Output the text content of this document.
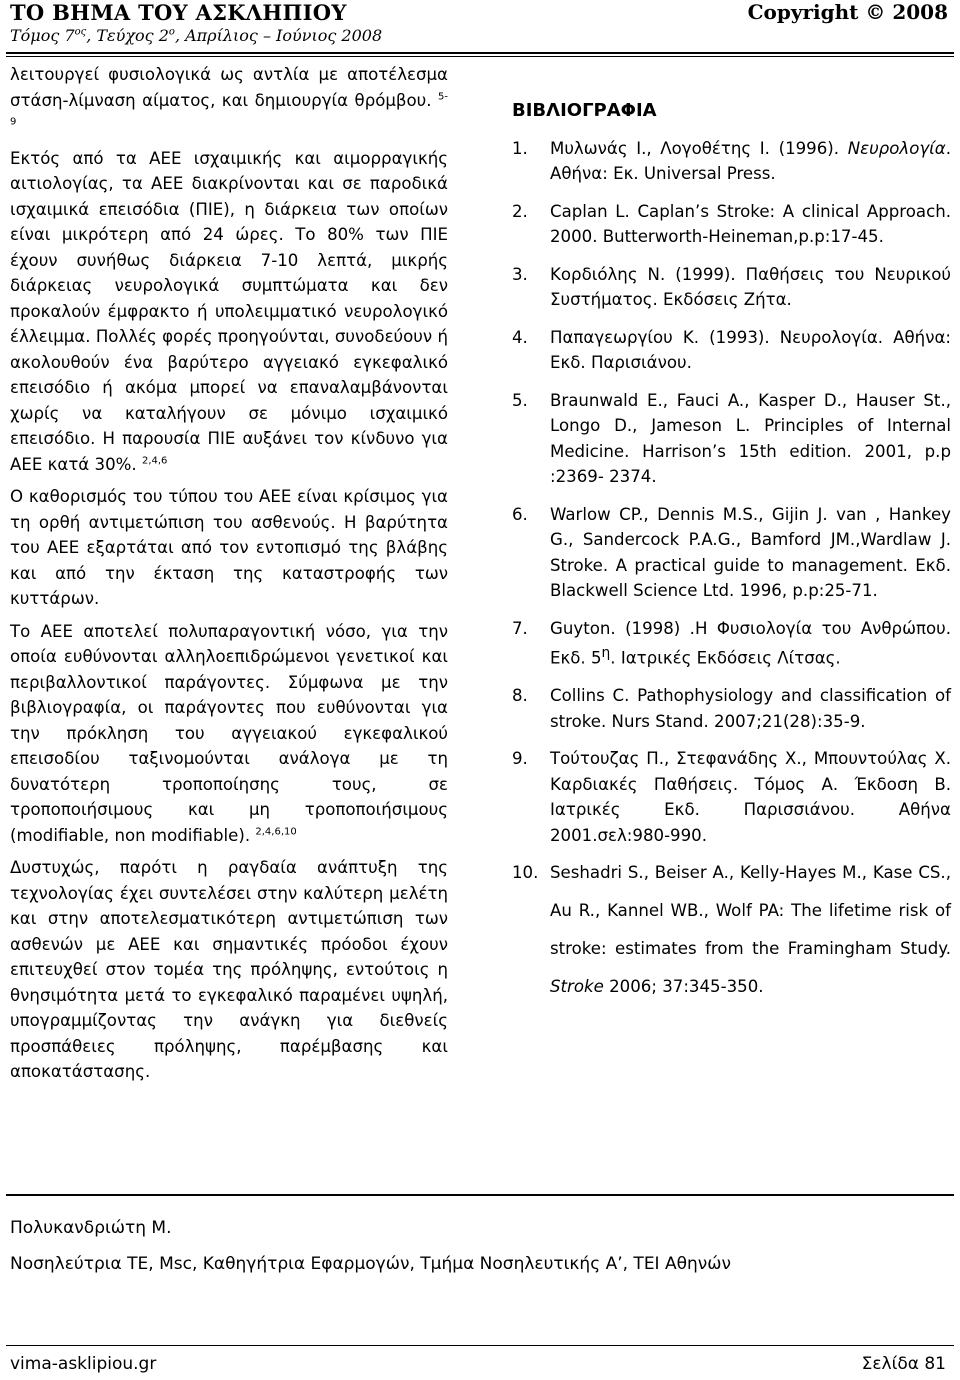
ΤΟ ΒΗΜΑ ΤΟΥ ΑΣΚΛΗΠΙΟΥ	Copyright © 2008
Τόμος $7^{o\varsigma}$, Τεύχος $2^o$, Απρίλιος – Ιούνιος 2008

λειτουργεί φυσιολογικά ως αντλία με αποτέλεσμα στάση-λίμναση αίματος, και δημιουργία θρόμβου. $^{5-9}$

Εκτός από τα ΑΕΕ ισχαιμικής και αιμορραγικής αιτιολογίας, τα ΑΕΕ διακρίνονται και σε παροδικά ισχαιμικά επεισόδια (ΠΙΕ), η διάρκεια των οποίων είναι μικρότερη από 24 ώρες. Το 80% των ΠΙΕ έχουν συνήθως διάρκεια 7-10 λεπτά, μικρής διάρκειας νευρολογικά συμπτώματα και δεν προκαλούν έμφρακτο ή υπολειμματικό νευρολογικό έλλειμμα. Πολλές φορές προηγούνται, συνοδεύουν ή ακολουθούν ένα βαρύτερο αγγειακό εγκεφαλικό επεισόδιο ή ακόμα μπορεί να επαναλαμβάνονται χωρίς να καταλήγουν σε μόνιμο ισχαιμικό επεισόδιο. Η παρουσία ΠΙΕ αυξάνει τον κίνδυνο για ΑΕΕ κατά 30%. $^{2,4,6}$

Ο καθορισμός του τύπου του ΑΕΕ είναι κρίσιμος για τη ορθή αντιμετώπιση του ασθενούς. Η βαρύτητα του ΑΕΕ εξαρτάται από τον εντοπισμό της βλάβης και από την έκταση της καταστροφής των κυττάρων.

Το ΑΕΕ αποτελεί πολυπαραγοντική νόσο, για την οποία ευθύνονται αλληλοεπιδρώμενοι γενετικοί και περιβαλλοντικοί παράγοντες. Σύμφωνα με την βιβλιογραφία, οι παράγοντες που ευθύνονται για την πρόκληση του αγγειακού εγκεφαλικού επεισοδίου ταξινομούνται ανάλογα με τη δυνατότερη τροποποίησης τους, σε τροποποιήσιμους και μη τροποποιήσιμους (modifiable, non modifiable). $^{2,4,6,10}$

Δυστυχώς, παρότι η ραγδαία ανάπτυξη της τεχνολογίας έχει συντελέσει στην καλύτερη μελέτη και στην αποτελεσματικότερη αντιμετώπιση των ασθενών με ΑΕΕ και σημαντικές πρόοδοι έχουν επιτευχθεί στον τομέα της πρόληψης, εντούτοις η θνησιμότητα μετά το εγκεφαλικό παραμένει υψηλή, υπογραμμίζοντας την ανάγκη για διεθνείς προσπάθειες πρόληψης, παρέμβασης και αποκατάστασης.

ΒΙΒΛΙΟΓΡΑΦΙΑ
1. Μυλωνάς Ι., Λογοθέτης Ι. (1996). Νευρολογία. Αθήνα: Εκ. Universal Press.
2. Caplan L. Caplan’s Stroke: A clinical Approach. 2000. Butterworth-Heineman,p.p:17-45.
3. Κορδιόλης Ν. (1999). Παθήσεις του Νευρικού Συστήματος. Εκδόσεις Ζήτα.
4. Παπαγεωργίου Κ. (1993). Νευρολογία. Αθήνα: Εκδ. Παρισιάνου.
5. Braunwald E., Fauci A., Kasper D., Hauser St., Longo D., Jameson L. Principles of Internal Medicine. Harrison’s 15th edition. 2001, p.p :2369- 2374.
6. Warlow CP., Dennis M.S., Gijin J. van , Hankey G., Sandercock P.A.G., Bamford JM.,Wardlaw J. Stroke. A practical guide to management. Εκδ. Blackwell Science Ltd. 1996, p.p:25-71.
7. Guyton. (1998) .Η Φυσιολογία του Ανθρώπου. Εκδ. $5^\eta$. Ιατρικές Εκδόσεις Λίτσας.
8. Collins C. Pathophysiology and classification of stroke. Nurs Stand. 2007;21(28):35-9.
9. Τούτουζας Π., Στεφανάδης Χ., Μπουντούλας Χ. Καρδιακές Παθήσεις. Τόμος Α. Έκδοση Β. Ιατρικές Εκδ. Παρισσιάνου. Αθήνα 2001.σελ:980-990.
10. Seshadri S., Beiser A., Kelly-Hayes M., Kase CS., Au R., Kannel WB., Wolf PA: The lifetime risk of stroke: estimates from the Framingham Study. Stroke 2006; 37:345-350.
Πολυκανδριώτη Μ.
Νοσηλεύτρια ΤΕ, Msc, Καθηγήτρια Εφαρμογών, Τμήμα Νοσηλευτικής Α’, ΤΕΙ Αθηνών
vima-asklipiou.gr	Σελίδα 81
